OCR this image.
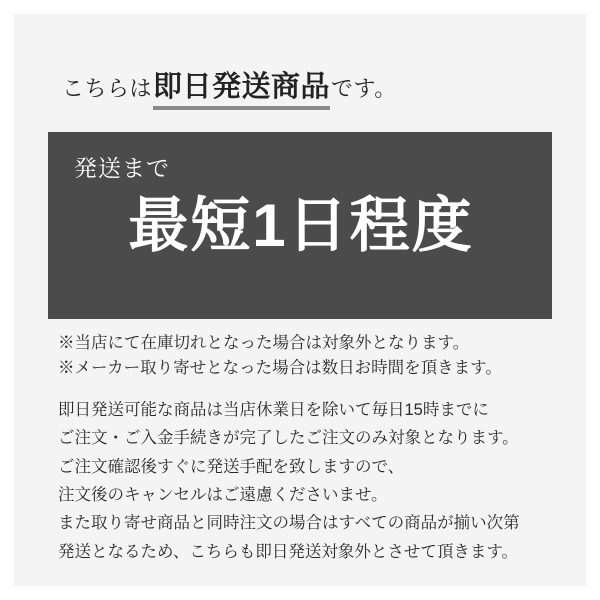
こちらは 即日発送商品 です。
発送まで
最短1日程度
※当店にて在庫切れとなった場合は対象外となります。
※メーカー取り寄せとなった場合は数日お時間を頂きます。
即日発送可能な商品は当店休業日を除いて毎日15時までに
ご注文・ご入金手続きが完了したご注文のみ対象となります。
ご注文確認後すぐに発送手配を致しますので、
注文後のキャンセルはご遠慮くださいませ。
また取り寄せ商品と同時注文の場合はすべての商品が揃い次第
発送となるため、こちらも即日発送対象外とさせて頂きます。
